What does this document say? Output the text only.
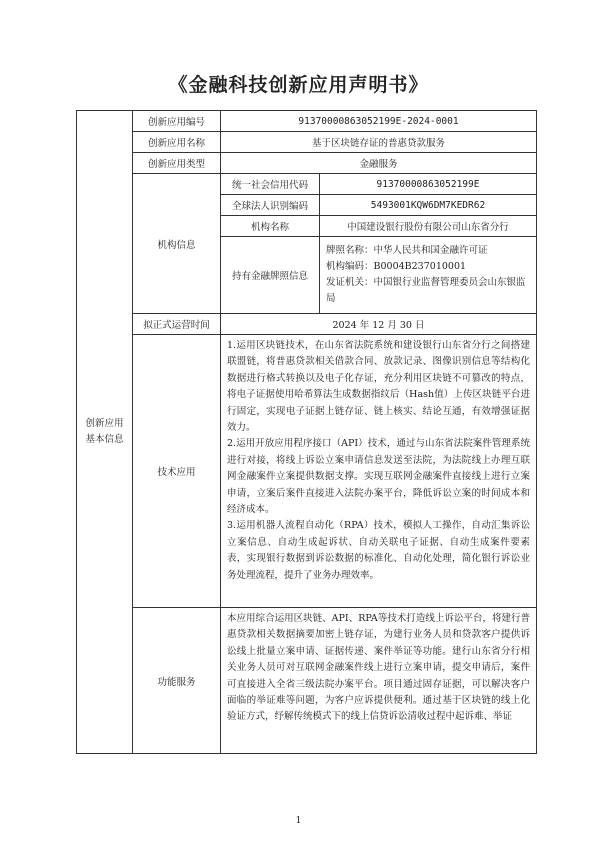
《金融科技创新应用声明书》
创新应用基本信息	创新应用编号	91370000863052199E-2024-0001	
	创新应用名称	基于区块链存证的普惠贷款服务	
	创新应用类型	金融服务	
	机构信息	统一社会信用代码	91370000863052199E
		全球法人识别编码	5493001KQW6DM7KEDR62
		机构名称	中国建设银行股份有限公司山东省分行
		持有金融牌照信息	牌照名称：中华人民共和国金融许可证
机构编码：B0004B237010001
发证机关：中国银行业监督管理委员会山东银监局

	拟正式运营时间	2024 年 12 月 30 日	
	技术应用	1.运用区块链技术，在山东省法院系统和建设银行山东省分行之间搭建联盟链，将普惠贷款相关借款合同、放款记录、图像识别信息等结构化数据进行格式转换以及电子化存证，充分利用区块链不可篡改的特点，将电子证据使用哈希算法生成数据指纹后（Hash值）上传区块链平台进行固定，实现电子证据上链存证、链上核实、结论互通，有效增强证据效力。
2.运用开放应用程序接口（API）技术，通过与山东省法院案件管理系统进行对接，将线上诉讼立案申请信息发送至法院，为法院线上办理互联网金融案件立案提供数据支撑。实现互联网金融案件直接线上进行立案申请，立案后案件直接进入法院办案平台，降低诉讼立案的时间成本和经济成本。
3.运用机器人流程自动化（RPA）技术，模拟人工操作，自动汇集诉讼立案信息、自动生成起诉状、自动关联电子证据、自动生成案件要素表，实现银行数据到诉讼数据的标准化、自动化处理，简化银行诉讼业务处理流程，提升了业务办理效率。	

	功能服务	本应用综合运用区块链、API、RPA等技术打造线上诉讼平台，将建行普惠贷款相关数据摘要加密上链存证，为建行业务人员和贷款客户提供诉讼线上批量立案申请、证据传递、案件举证等功能。建行山东省分行相关业务人员可对互联网金融案件线上进行立案申请，提交申请后，案件可直接进入全省三级法院办案平台。项目通过固存证据，可以解决客户面临的举证难等问题，为客户应诉提供便利。通过基于区块链的线上化验证方式，纾解传统模式下的线上信贷诉讼清收过程中起诉难、举证	
1
